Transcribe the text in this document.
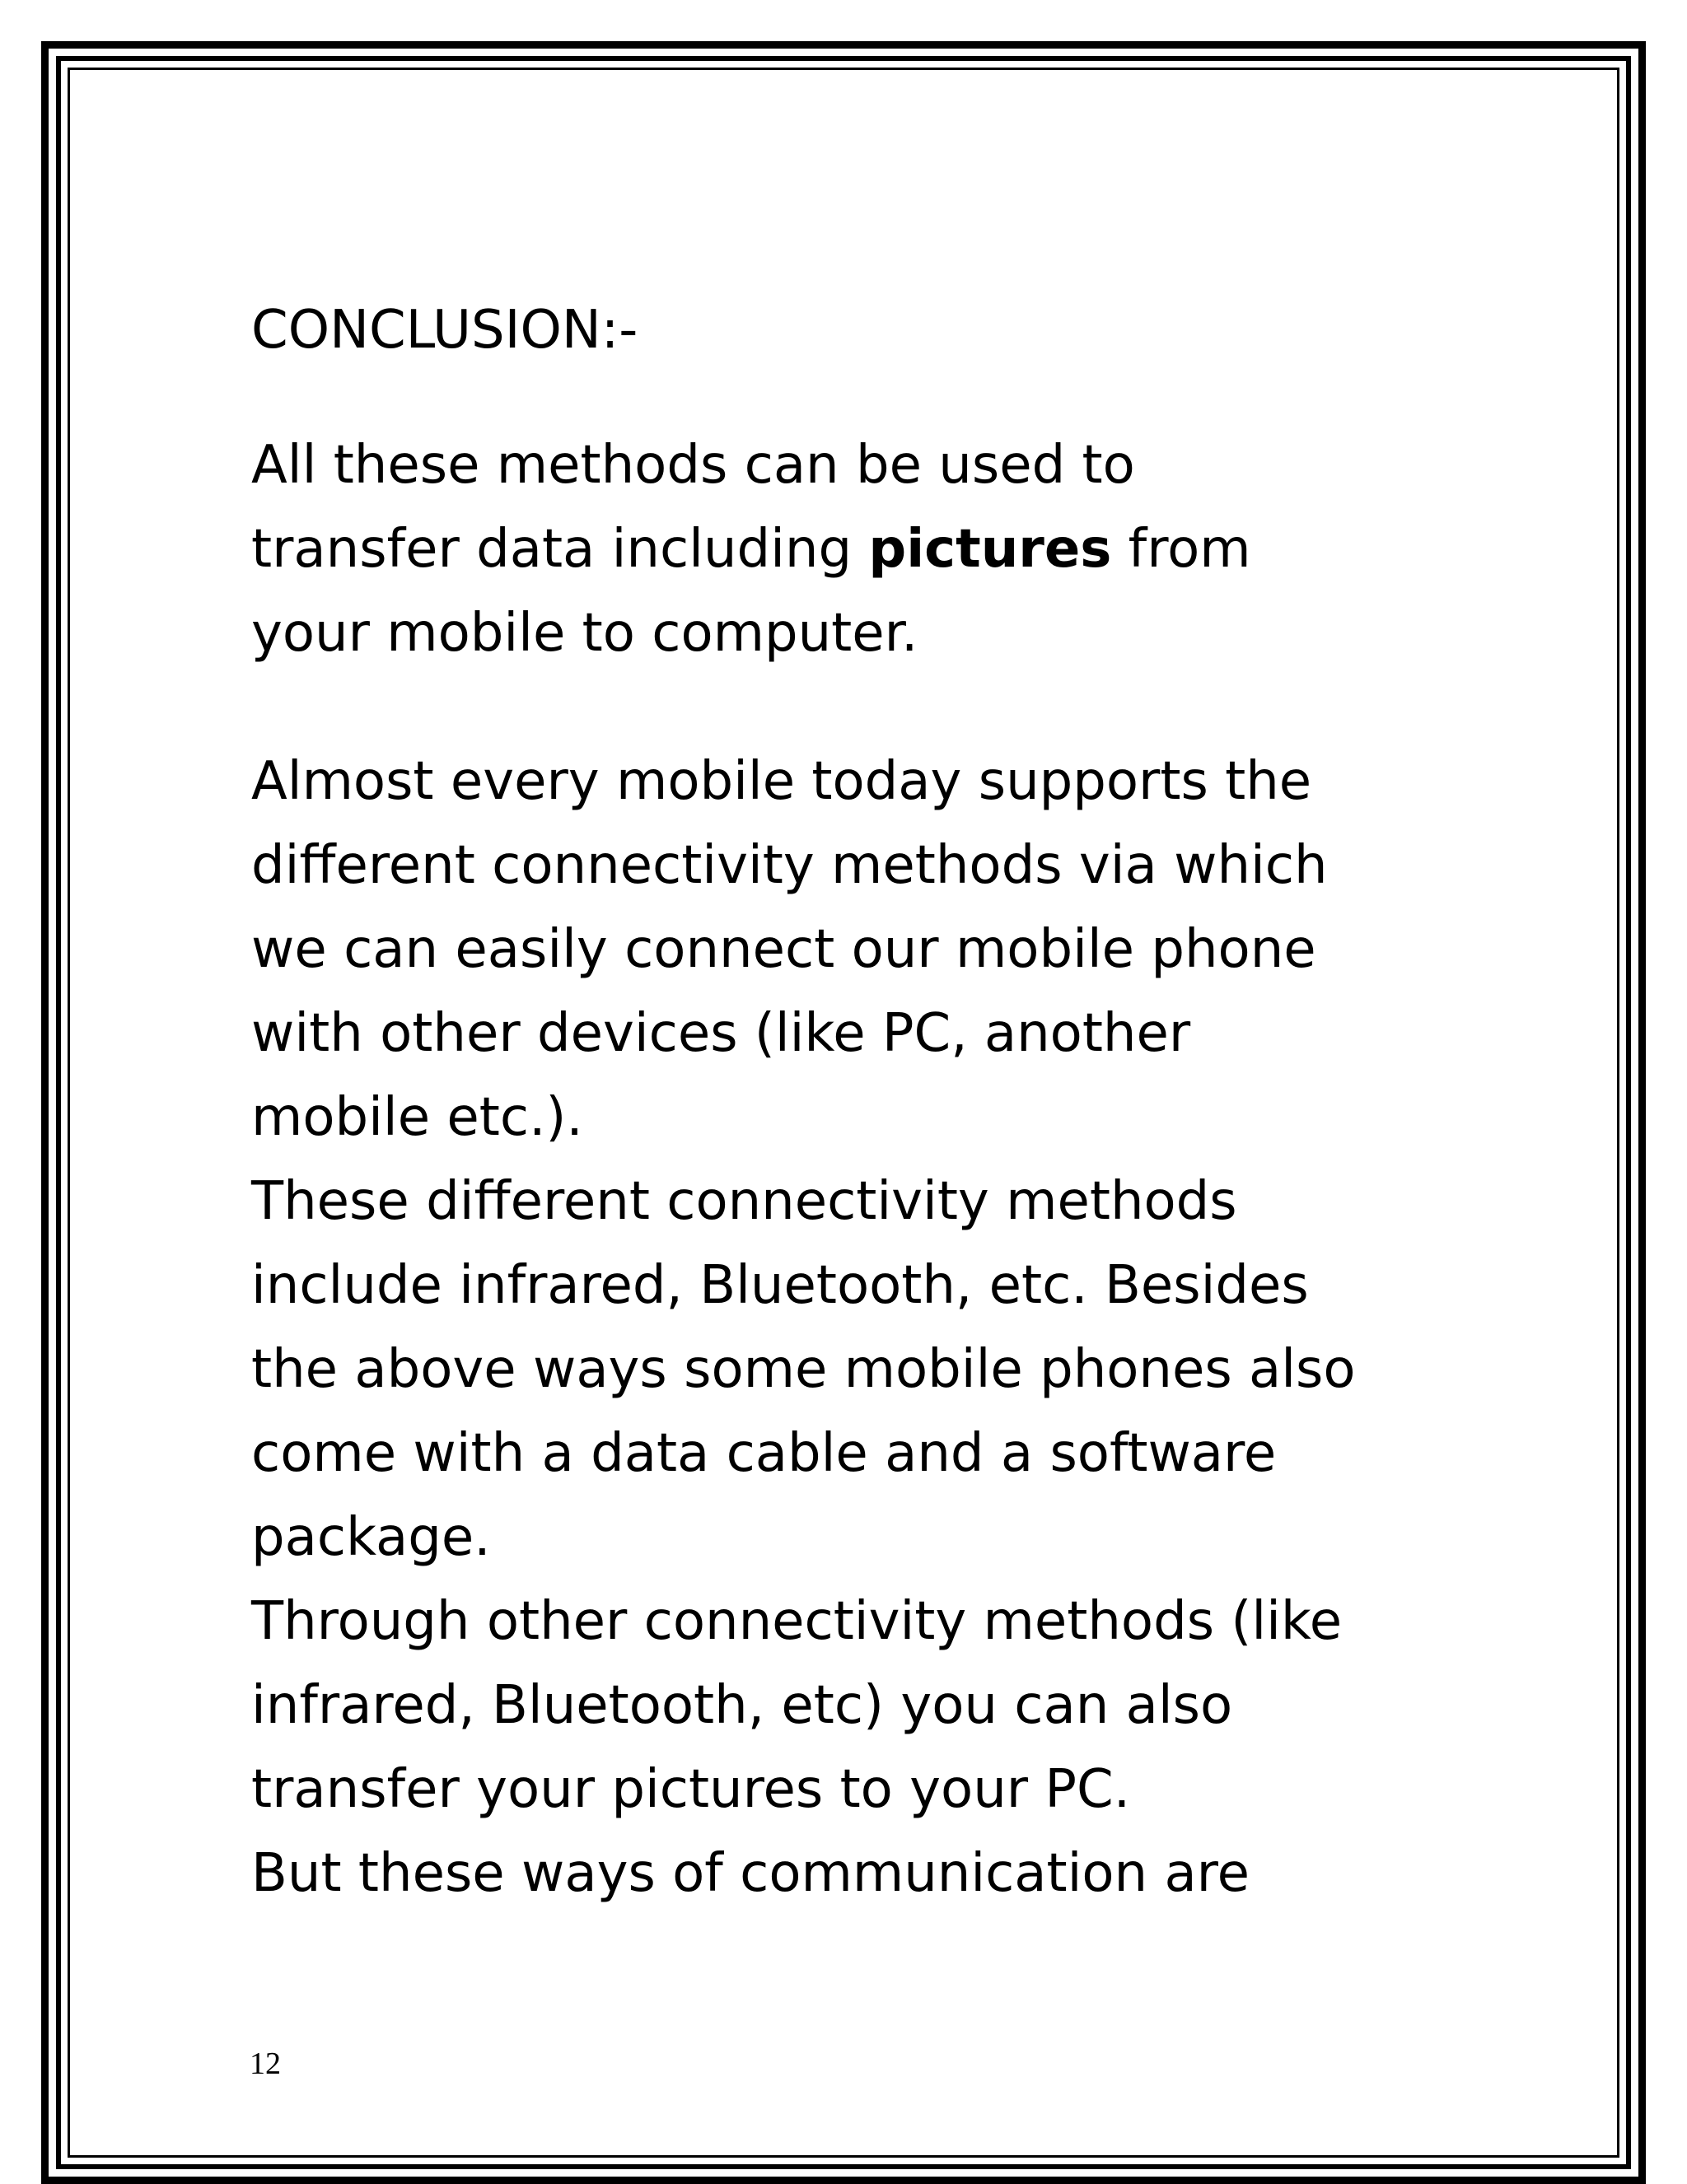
CONCLUSION:-

All these methods can be used to
transfer data including pictures from
your mobile to computer.

Almost every mobile today supports the
different connectivity methods via which
we can easily connect our mobile phone
with other devices (like PC, another
mobile etc.).
These different connectivity methods
include infrared, Bluetooth, etc. Besides
the above ways some mobile phones also
come with a data cable and a software
package.
Through other connectivity methods (like
infrared, Bluetooth, etc) you can also
transfer your pictures to your PC.
But these ways of communication are

12
